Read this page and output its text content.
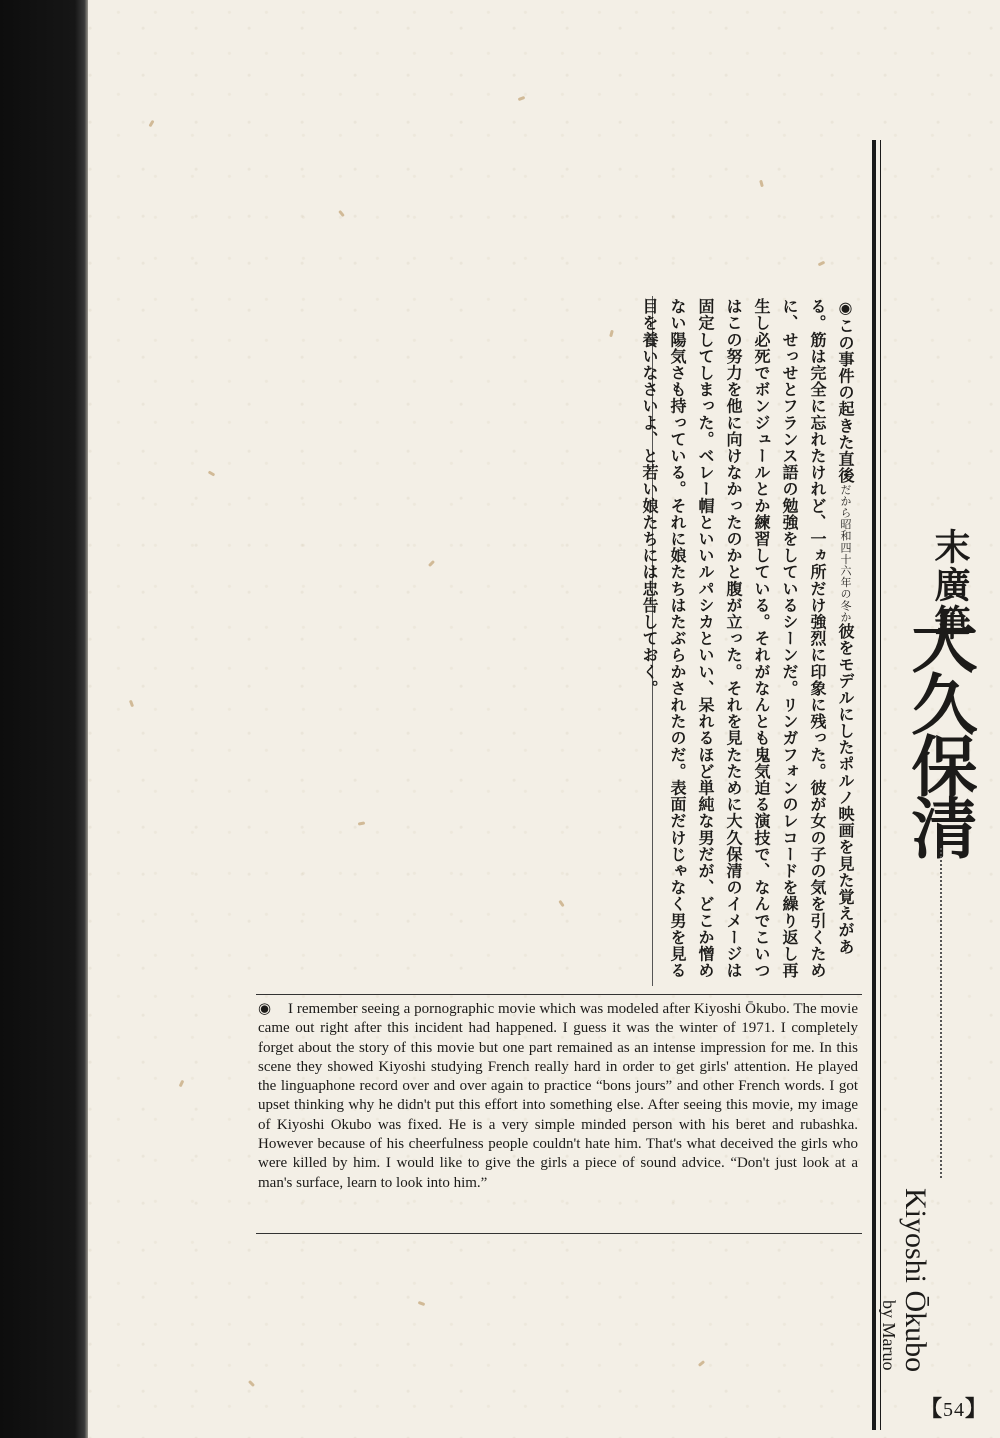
◉この事件の起きた直後だから昭和四十六年の冬か彼をモデルにしたポルノ映画を見た覚えがある。筋は完全に忘れたけれど、一ヵ所だけ強烈に印象に残った。彼が女の子の気を引くために、せっせとフランス語の勉強をしているシーンだ。リンガフォンのレコードを繰り返し再生し必死でボンジュールとか練習している。それがなんとも鬼気迫る演技で、なんでこいつはこの努力を他に向けなかったのかと腹が立った。それを見たために大久保清のイメージは固定してしまった。ベレー帽といいルパシカといい、呆れるほど単純な男だが、どこか憎めない陽気さも持っている。それに娘たちはたぶらかされたのだ。表面だけじゃなく男を見る目を養いなさいよ、と若い娘たちには忠告しておく。	末廣筆
大久保清
Kiyoshi Ōkubo
by Maruo
【54】

◉ I remember seeing a pornographic movie which was modeled after Kiyoshi Ōkubo. The movie came out right after this incident had happened. I guess it was the winter of 1971. I completely forget about the story of this movie but one part remained as an intense impression for me. In this scene they showed Kiyoshi studying French really hard in order to get girls' attention. He played the linguaphone record over and over again to practice “bons jours” and other French words. I got upset thinking why he didn't put this effort into something else. After seeing this movie, my image of Kiyoshi Okubo was fixed. He is a very simple minded person with his beret and rubashka. However because of his cheerfulness people couldn't hate him. That's what deceived the girls who were killed by him. I would like to give the girls a piece of sound advice. “Don't just look at a man's surface, learn to look into him.”
